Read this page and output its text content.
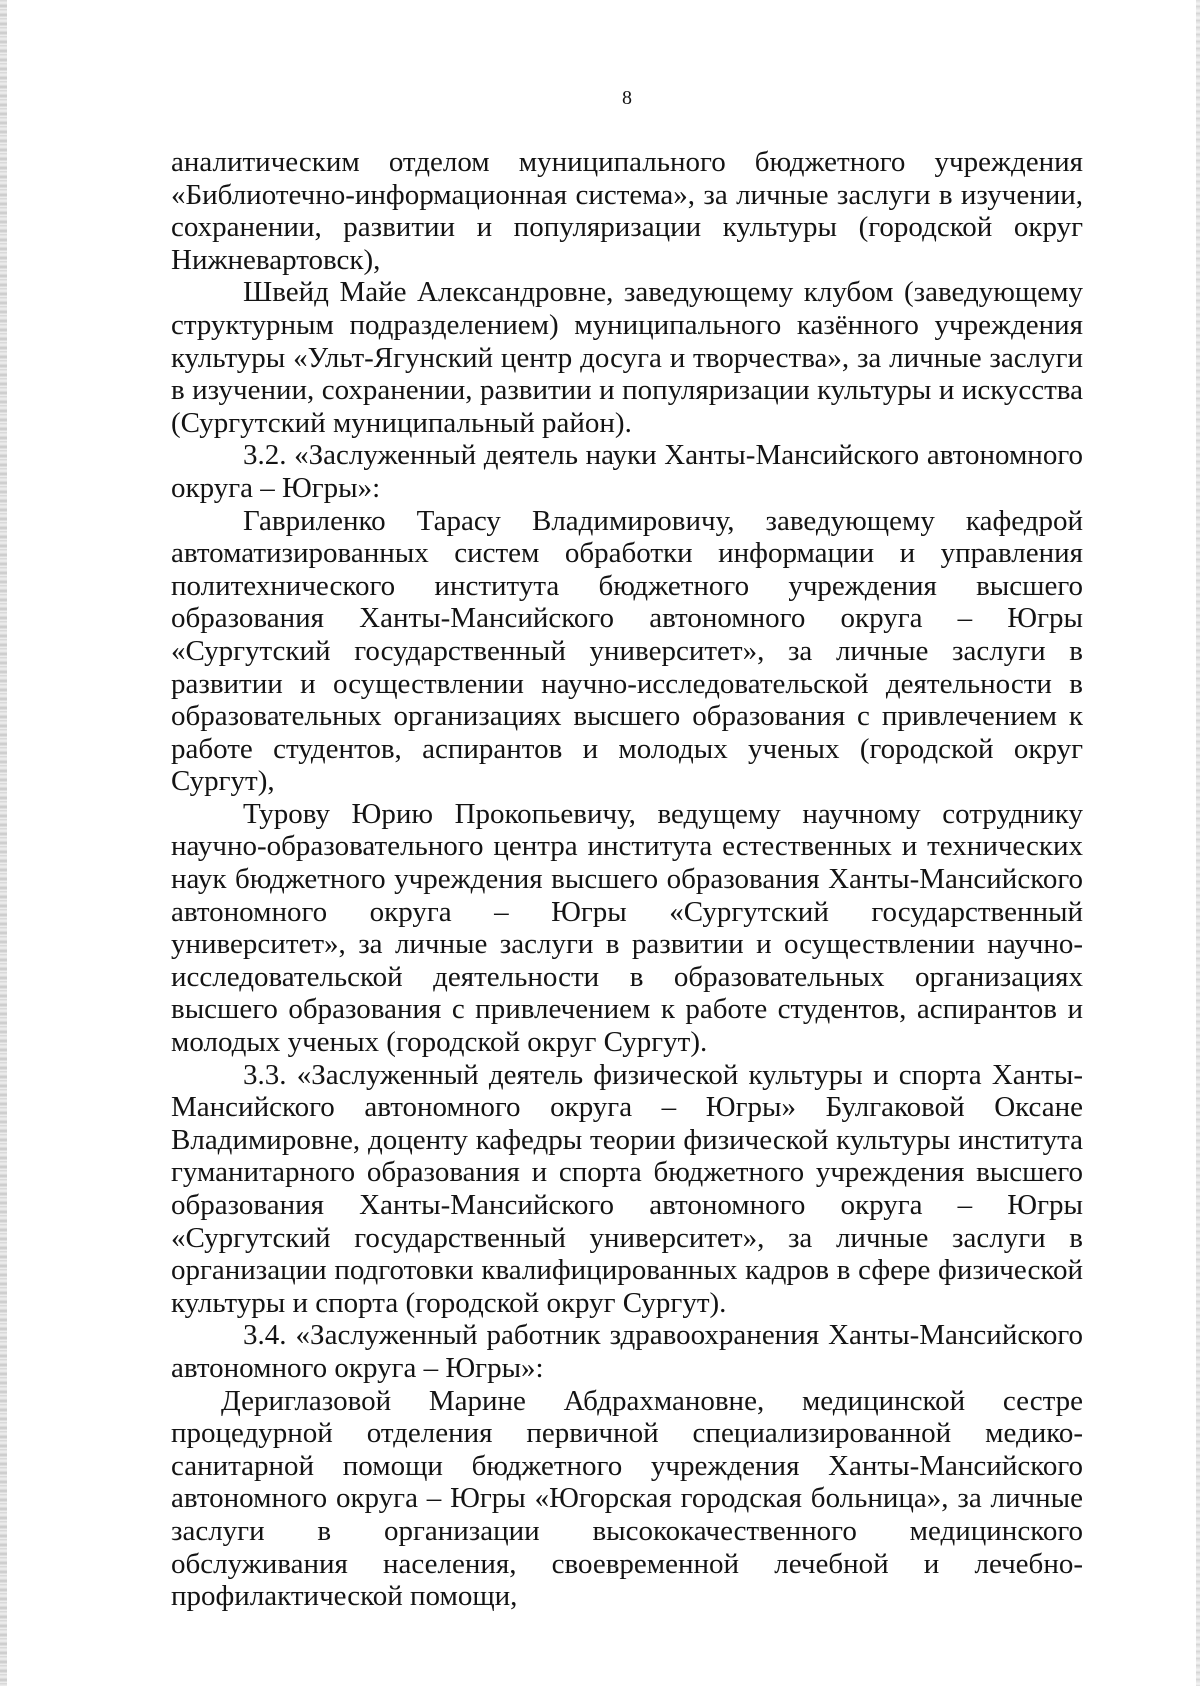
8

аналитическим отделом муниципального бюджетного учреждения «Библиотечно-информационная система», за личные заслуги в изучении, сохранении, развитии и популяризации культуры (городской округ Нижневартовск),

Швейд Майе Александровне, заведующему клубом (заведующему структурным подразделением) муниципального казённого учреждения культуры «Ульт-Ягунский центр досуга и творчества», за личные заслуги в изучении, сохранении, развитии и популяризации культуры и искусства (Сургутский муниципальный район).

3.2. «Заслуженный деятель науки Ханты-Мансийского автономного округа – Югры»:

Гавриленко Тарасу Владимировичу, заведующему кафедрой автоматизированных систем обработки информации и управления политехнического института бюджетного учреждения высшего образования Ханты-Мансийского автономного округа – Югры «Сургутский государственный университет», за личные заслуги в развитии и осуществлении научно-исследовательской деятельности в образовательных организациях высшего образования с привлечением к работе студентов, аспирантов и молодых ученых (городской округ Сургут),

Турову Юрию Прокопьевичу, ведущему научному сотруднику научно-образовательного центра института естественных и технических наук бюджетного учреждения высшего образования Ханты-Мансийского автономного округа – Югры «Сургутский государственный университет», за личные заслуги в развитии и осуществлении научно-исследовательской деятельности в образовательных организациях высшего образования с привлечением к работе студентов, аспирантов и молодых ученых (городской округ Сургут).

3.3. «Заслуженный деятель физической культуры и спорта Ханты-Мансийского автономного округа – Югры» Булгаковой Оксане Владимировне, доценту кафедры теории физической культуры института гуманитарного образования и спорта бюджетного учреждения высшего образования Ханты-Мансийского автономного округа – Югры «Сургутский государственный университет», за личные заслуги в организации подготовки квалифицированных кадров в сфере физической культуры и спорта (городской округ Сургут).

3.4. «Заслуженный работник здравоохранения Ханты-Мансийского автономного округа – Югры»:

Дериглазовой Марине Абдрахмановне, медицинской сестре процедурной отделения первичной специализированной медико-санитарной помощи бюджетного учреждения Ханты-Мансийского автономного округа – Югры «Югорская городская больница», за личные заслуги в организации высококачественного медицинского обслуживания населения, своевременной лечебной и лечебно-профилактической помощи,
